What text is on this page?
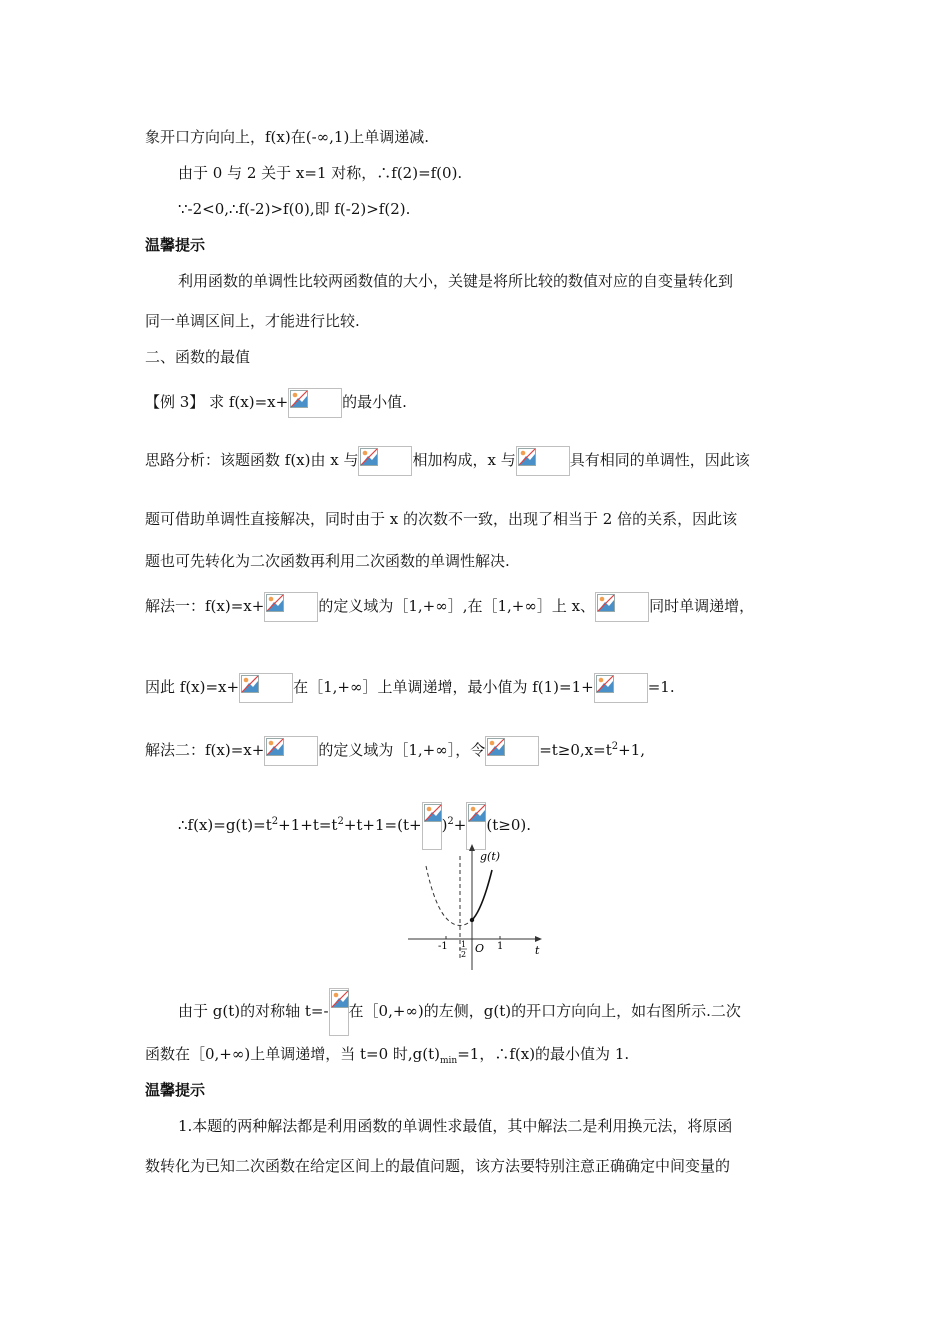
象开口方向向上，f(x)在(-∞,1)上单调递减.
由于 0 与 2 关于 x=1 对称，∴f(2)=f(0).
∵-2<0,∴f(-2)>f(0),即 f(-2)>f(2).
温馨提示
利用函数的单调性比较两函数值的大小，关键是将所比较的数值对应的自变量转化到
同一单调区间上，才能进行比较.
二、函数的最值
【例 3】 求 f(x)=x+	的最小值.
思路分析：该题函数 f(x)由 x 与	相加构成，x 与	具有相同的单调性，因此该
题可借助单调性直接解决，同时由于 x 的次数不一致，出现了相当于 2 倍的关系，因此该
题也可先转化为二次函数再利用二次函数的单调性解决.
解法一：f(x)=x+	的定义域为［1,+∞］,在［1,+∞］上 x、	同时单调递增，
因此 f(x)=x+	在［1,+∞］上单调递增，最小值为 f(1)=1+	=1.
解法二：f(x)=x+	的定义域为［1,+∞］，令	$=t\ge 0,x=t^2+1$,
$\therefore f(x)=g(t)=t^2+1+t=t^2+t+1=(t+ )^2+ (t\ge 0)$.
g(t)
t
O
-1	1
1
2
由于 g(t)的对称轴 t=- 在［0,+∞)的左侧，g(t)的开口方向向上，如右图所示.二次
函数在［0,+∞)上单调递增，当 t=0 时$,g(t)_{min}=1$，∴f(x)的最小值为 1.
温馨提示
1.本题的两种解法都是利用函数的单调性求最值，其中解法二是利用换元法，将原函
数转化为已知二次函数在给定区间上的最值问题，该方法要特别注意正确确定中间变量的
